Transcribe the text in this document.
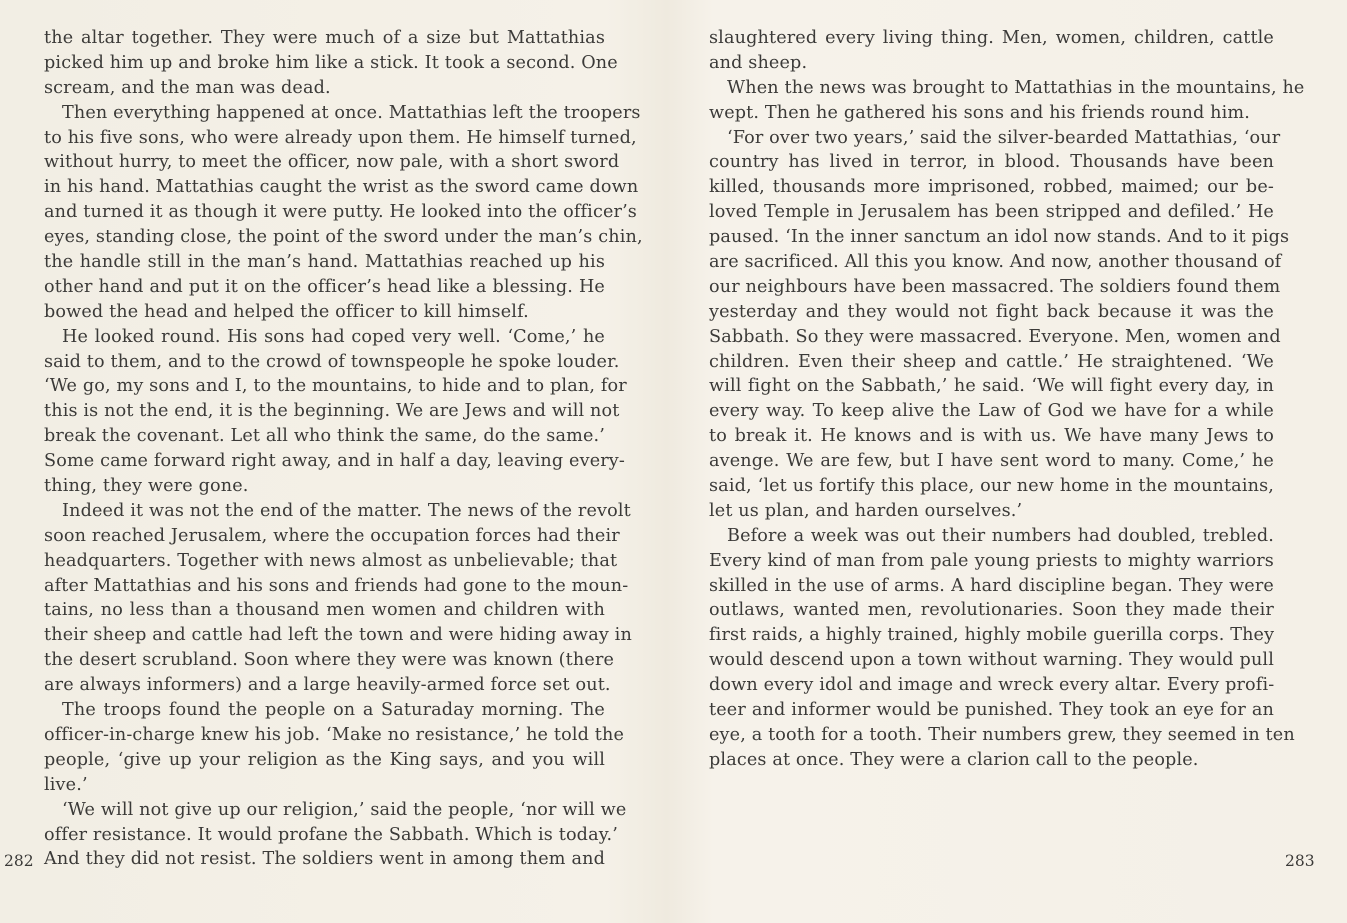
the altar together. They were much of a size but Mattathias
picked him up and broke him like a stick. It took a second. One
scream, and the man was dead.
Then everything happened at once. Mattathias left the troopers
to his five sons, who were already upon them. He himself turned,
without hurry, to meet the officer, now pale, with a short sword
in his hand. Mattathias caught the wrist as the sword came down
and turned it as though it were putty. He looked into the officer’s
eyes, standing close, the point of the sword under the man’s chin,
the handle still in the man’s hand. Mattathias reached up his
other hand and put it on the officer’s head like a blessing. He
bowed the head and helped the officer to kill himself.
He looked round. His sons had coped very well. ‘Come,’ he
said to them, and to the crowd of townspeople he spoke louder.
‘We go, my sons and I, to the mountains, to hide and to plan, for
this is not the end, it is the beginning. We are Jews and will not
break the covenant. Let all who think the same, do the same.’
Some came forward right away, and in half a day, leaving every-
thing, they were gone.
Indeed it was not the end of the matter. The news of the revolt
soon reached Jerusalem, where the occupation forces had their
headquarters. Together with news almost as unbelievable; that
after Mattathias and his sons and friends had gone to the moun-
tains, no less than a thousand men women and children with
their sheep and cattle had left the town and were hiding away in
the desert scrubland. Soon where they were was known (there
are always informers) and a large heavily-armed force set out.
The troops found the people on a Saturaday morning. The
officer-in-charge knew his job. ‘Make no resistance,’ he told the
people, ‘give up your religion as the King says, and you will
live.’
‘We will not give up our religion,’ said the people, ‘nor will we
offer resistance. It would profane the Sabbath. Which is today.’
And they did not resist. The soldiers went in among them and
282
slaughtered every living thing. Men, women, children, cattle
and sheep.
When the news was brought to Mattathias in the mountains, he
wept. Then he gathered his sons and his friends round him.
‘For over two years,’ said the silver-bearded Mattathias, ‘our
country has lived in terror, in blood. Thousands have been
killed, thousands more imprisoned, robbed, maimed; our be-
loved Temple in Jerusalem has been stripped and defiled.’ He
paused. ‘In the inner sanctum an idol now stands. And to it pigs
are sacrificed. All this you know. And now, another thousand of
our neighbours have been massacred. The soldiers found them
yesterday and they would not fight back because it was the
Sabbath. So they were massacred. Everyone. Men, women and
children. Even their sheep and cattle.’ He straightened. ‘We
will fight on the Sabbath,’ he said. ‘We will fight every day, in
every way. To keep alive the Law of God we have for a while
to break it. He knows and is with us. We have many Jews to
avenge. We are few, but I have sent word to many. Come,’ he
said, ‘let us fortify this place, our new home in the mountains,
let us plan, and harden ourselves.’
Before a week was out their numbers had doubled, trebled.
Every kind of man from pale young priests to mighty warriors
skilled in the use of arms. A hard discipline began. They were
outlaws, wanted men, revolutionaries. Soon they made their
first raids, a highly trained, highly mobile guerilla corps. They
would descend upon a town without warning. They would pull
down every idol and image and wreck every altar. Every profi-
teer and informer would be punished. They took an eye for an
eye, a tooth for a tooth. Their numbers grew, they seemed in ten
places at once. They were a clarion call to the people.
283
